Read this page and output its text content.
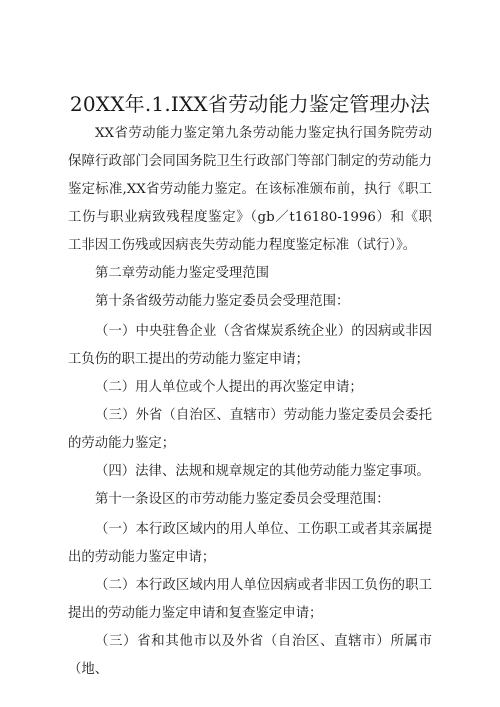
20XX年.1.IXX省劳动能力鉴定管理办法

XX省劳动能力鉴定第九条劳动能力鉴定执行国务院劳动保障行政部门会同国务院卫生行政部门等部门制定的劳动能力鉴定标准,XX省劳动能力鉴定。在该标准颁布前，执行《职工工伤与职业病致残程度鉴定》（gb／t16180-1996）和《职工非因工伤残或因病丧失劳动能力程度鉴定标准（试行）》。

第二章劳动能力鉴定受理范围

第十条省级劳动能力鉴定委员会受理范围：

（一）中央驻鲁企业（含省煤炭系统企业）的因病或非因工负伤的职工提出的劳动能力鉴定申请；

（二）用人单位或个人提出的再次鉴定申请；

（三）外省（自治区、直辖市）劳动能力鉴定委员会委托的劳动能力鉴定；

（四）法律、法规和规章规定的其他劳动能力鉴定事项。

第十一条设区的市劳动能力鉴定委员会受理范围：

（一）本行政区域内的用人单位、工伤职工或者其亲属提出的劳动能力鉴定申请；

（二）本行政区域内用人单位因病或者非因工负伤的职工提出的劳动能力鉴定申请和复查鉴定申请；

（三）省和其他市以及外省（自治区、直辖市）所属市（地、
